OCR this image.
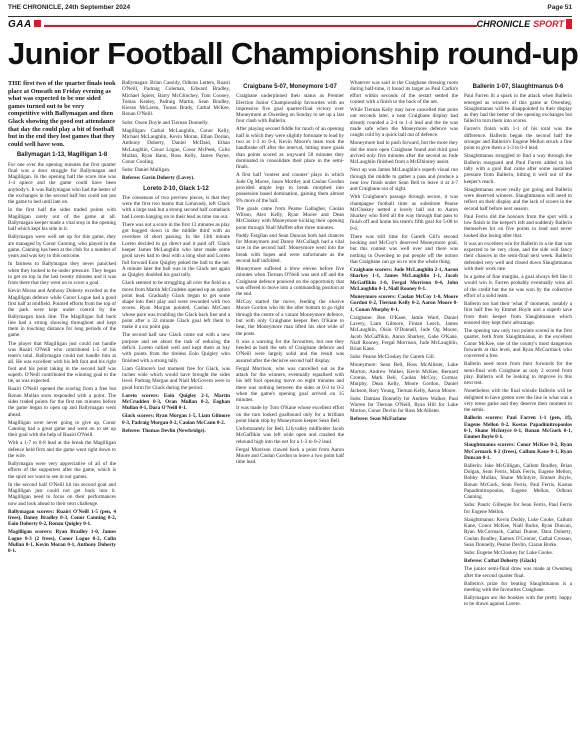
THE CHRONICLE, 24th September 2024	Page 51
GAA	CHRONICLE SPORT
Junior Football Championship round-up

THE first two of the quarter finals took place at Omeath on Friday evening as what was expected to be one sided games turned out to be very competitive with Ballymagan and then Glack showing the good out attendance that day the could play a bit of football but in the end they lost games that they could well have won.

Ballymagan 1-13, Magilligan 1-8

For one over the opening minutes the first quarter final was a dour struggle for Ballymagan and Magilligan. In the opening half the score line was 1-4 apiece and the game could have been anybody's. It was Ballymagan who had the better of the exchanges in the second half but could not put the game to bed until late on.

In the first half the sides traded points with Magilligan rarely out of the game at all. Ballymagan keeper made a vital stop in the opening half which kept his side in it.

Ballymagan were well set up for this game, they are managed by Conor Canning, who played in the game. Canning has been at the club for a number of years and was key to this outcome.

In fairness to Ballymagan they never panicked when they looked to be under pressure. They began to get on top in the last twenty minutes and it was from there that they went on to score a goal.

Kevin Moran and Anthony Doherty excelled as the Magilligan defence while Conor Logue had a good first half at midfield. Pointed efforts from the top of the park were kept under control by the Ballymagan back line. The Magilligan full back line had a strong showing throughout and kept them in touching distance for long periods of the game.

The player that Magilligan just could not handle was Ruairi O'Neill who contributed 1-5 of his team's total. Ballymagan could not handle him at all. He was excellent with his left foot and his right foot and his point taking in the second half was superb. O'Neill contributed the winning goal to the tie, as was expected.

Ruairi O'Neill opened the scoring from a free but Ronan Mullan soon responded with a point. The sides traded points for the first ten minutes before the game began to open up and Ballymagan went ahead.

Magilligan were never going to give up, Conor Canning had a great game and went on to set up their goal with the help of Ruairi O'Neill.

With a 1-7 to 0-8 lead at the break the Magilligan defence held firm and the game went right down to the wire.

Ballymagan were very appreciative of all of the efforts of the supporters after the game, which is the spirit we want to see in our games.

In the second half O'Neill hit his second goal and Magilligan just could not get back into it. Magilligan need to focus on their performances now and look ahead to their next challenge.

Ballymagan scorers: Ruairi O'Neill 1-5 (pen, 4 frees), Danny Bradley 0-3, Conor Canning 0-2, Eoin Doherty 0-2, Ronan Quigley 0-1.

Magilligan scorers: Ryan Bradley 1-0, James Logue 0-3 (2 frees), Conor Logue 0-2, Colin Mullan 0-1, Kevin Moran 0-1, Anthony Doherty 0-1.

Ballymagan: Brian Cassidy, Odhran Letters, Ruairi O'Neill, Padraig Coleman, Edward Bradley, Michael Spiers, Barry McGlinchey, Tom Cooney, Tomas Kealey, Padraig Martin, Sean Bradley, Kieran McLaren, Tomas Brady, Cathal McKee, Ronan O'Neill.

Subs: Owen Doyle and Tiernan Donnelly.

Magilligan: Cathal McLaughlin, Conor Kelly, Michael McLaughlin, Kevin Moran, Ethan Dorian, Anthony Doherty, Daniel McDaid, Ethan McLaughlin, Conor Logue, Conor McPeek, Colin Mullan, Ryan Bann, Ross Kelly, James Payne, Conor Cooling.

Subs: Daniel Mulligan.

Referee: Gavin Doherty (Lavey).

Loreto 2-10, Glack 1-12

The consensus of two preview pieces, is that they were the first two teams that Limavady, left Glack with a large task but a strong second half comeback had Loreto hanging on to their lead as time ran out.

There was not a score in the first 13 minutes as play got bogged down in the middle third with an overdose of short passing. In the 13th minute Loreto decided to go direct and it paid off. Glack keeper James McLaughlin who later made some good saves had to deal with a long shot and Loreto full forward Eoin Quigley poked the ball to the net. A minute later the ball was in the Glack net again as Quigley doubled his goal tally.

Glack seemed to be struggling all over the field as a move from Martin McCrudden opened up an option point lead. Gradually Glack began to get some shape into their play and were rewarded with two scores. Ryan Morgan pointed, Caolan McCann whose pace was troubling the Glack back line and a point after a 32 minute Glack goal left them to make it a six point gap.

The second half saw Glack come out with a new purpose and set about the task of reducing the deficit. Loreto rallied well and kept them at bay with points from the tireless Eoin Quigley who finished with a strong tally.

Liam Gilmore's last moment free for Glack, was inches wide which would have brought the sides level. Padraig Morgan and Niall McGovern were in good form for Glack during the period.

Loreto scorers: Eoin Quigley 2-1, Martin McCrudden 0-3, Oran Mullan 0-2, Eoghan Mullan 0-1, Dara O'Neill 0-1.

Glack scorers: Ryan Morgan 1-5, Liam Gilmore 0-3, Padraig Morgan 0-2, Caolan McCann 0-2.

Referee: Thomas Devlin (Newbridge).

Craigbane 5-07, Moneymore 1-07

Craigbane underpinned their status as Premier Election Junior Championship favourites with an impressive five goal quarter-final victory over Moneymore at Owenbeg on Sunday to set up a last four clash with Ballerin.

After playing second fiddle for much of an opening half in which they were slightly fortunate to lead by two at 1-3 to 0-4, Kevin Moore's team took the handbrake off after the interval, hitting more goals than points scored as wayward 58 minutes they dominated to consolidate their place in the semi-finals.

A first half 'contest and counter' plays in which Jude Og Moore, Jason Mortley and Caolan Gordon provided ample legs to break morphed into possession based domination, gaining them almost 9% more of the ball.

The goals came from Pearse Gallagher, Caolan Wilson, Alex Kelly, Ryan Moore and Dean McCloskey with Moneymore kicking their opening point through Niall Moffett after three minutes.

Paddy Fargilan and Sean Duncan both had chances for Moneymore and Danny McCullagh had a vital save in the second half. Moneymore went into the break with hopes and were unfortunate as the second half unfolded.

Moneymore suffered a blow eleven before five minutes when Tiernan O'Neill was sent off and the Craigbane defence pounced on the opportunity that was offered to move into a commanding position at the end.

McCoy started the move, feeding the elusive Moore Gordon who hit the after bottom to go right through the centre of a vacant Moneymore defence, but with only Craigbane keeper Ben O'Kane to beat, the Moneymore man lifted his shot wide of the posts.

It was a warning for the favourites, but one they heeded as both the sets of Craigbane defence and O'Neill were largely solid and the result was assured after the decisive second half display.

Fergal Morrison, who was cancelled out as the attack for the winners, eventually equalised with his left foot opening move on eight minutes and there was nothing between the sides at 0-3 to 0-2 when the game's opening goal arrived on 15 minutes.

It was made by Tom O'Kane whose excellent effort on the turn looked goalbound only for a brilliant point blank stop by Moneymore keeper Sean Bell.

Unfortunately for Bell, Lilyvalley midfielder Jacob McGaffikin was left wide open and crashed the rebound high into the net for a 1-3 to 0-2 lead.

Fergal Morrison clawed back a point from Aaron Moore and Caolan Gordon to leave a two point half time lead.

Whatever was said in the Craigbane dressing room during half-time, it found its target as Paul Carlin's effort within seconds of the restart settled the contest with a finish to the back of the net.

While Tiernan Kelly may have cancelled that point out seconds later, a neat Craigbane display had already rounded a 2-4 to 1-4 lead and the tie was made safe when the Moneymore defence was caught cold by a quick ball out of defence.

Moneymore had to push forward, but the more they did the more open Craigbane found and third goal arrived only five minutes after the second as Jude McLaughlin finished from a McElhinney assist.

Next up was James McLaughlin's superb visual run through the middle to gather a pass and produce a near low finish under Sean Bell to leave it at 4-7 and Craigbane out of sight.

With Craigbane's passage through secure, it was champagne football time as substitute Pearse McCloskey netted a lovely ball out to Aaron Sharkey who fired all the way through that pass to finish off and home his team's fifth goal for 5-08 to 0-6.

There was still time for Gareth Gill's second booking and McCoy's deserved Moneymore goal, but this contest was well over and there was nothing in Owenbeg to put people off the notion that Craigbane can go on to win the whole thing.

Craigbane scorers: Jude McLaughlin 2-1, Aaron Sharkey 1-1, James McLaughlin 1-1, Jacob McGaffikin 1-0, Fergal Morrison 0-4, John McLaughlin 0-1, Niall Rooney 0-1.

Moneymore scorers: Caolan McCoy 1-0, Moore Gordon 0-2, Tiernan Kelly 0-2, Aaron Moore 0-1, Conan Murphy 0-1.

Craigbane: Ben O'Kane, Jamie Ward, Daniel Lavery, Liam Gilmore, Fintan Leech, James McLaughlin, Oisin O'Donnell, Jude Og Moore, Jacob McGaffikin, Aaron Sharkey, Gabe O'Kane, Niall Rooney, Fergal Morrison, Jude McLaughlin, Brian Kane.

Subs: Pearse McCloskey for Gareth Gill.

Moneymore: Sean Bell, Ross McAllister, Luke Morton, Andrew Walker, Kevin McKee, Bernard Cromie, Mark Bell, Caolan McCoy, Cormac Murphy, Dean Kelly, Moore Gordon, Daniel Jackson, Rory Young, Tiernan Kelly, Aaron Moore.

Subs: Damian Donnelly for Andrew Walker, Paul Warren for Tiernan O'Neill, Ryan Hill for Luke Morton, Conor Devlin for Ross McAllister.

Referee: Sean McFarlane

Ballerin 1-07, Slaughtmanus 0-6

Paul Farren lit a spark in the attack when Ballerin emerged as winners of this game at Owenbeg. Slaughtmanus will be disappointed in their display as they had the better of the opening exchanges but failed to turn them into scores.

Farren's finish with 1-1 of his total was the difference. Ballerin began the second half the stronger and Ballerin's Eugene Mellon struck a fine point to give them a 1-3 to 0-4 lead.

Slaughtmanus struggled to find a way through the Ballerin rearguard and Paul Farren added to his tally with a goal that came after some sustained pressure from Ballerin, hitting it well out of the keeper's reach.

Slaughtmanus never really got going and Ballerin were deserved winners. Slaughtmanus will need to reflect on their display and the lack of scores in the second half before next season.

Paul Ferris did the honours from the spot with a low finish to the keeper's left and suddenly Ballerin themselves hit on five points to lead and never looked like losing after that.

It was an excellent win for Ballerin in a tie that was expected to be very close, and the side will fancy their chances in the semi-final next week. Ballerin defended very well and closed down Slaughtmanus with their work rate.

In a game of fine margins, a goal always felt like it would win it. Farren probably eventually wins all of the credit but the tie was won by the collective effort of a solid team.

Ballerin too had their 'what if' moments, notably a first half free by Emmet Boyle and a superb save from their keeper from Slaughtmanus which ensured they kept their advantage.

The opening saw only two points scored in the first quarter, both from Slaughtmanus, in the excellent Conor McKee, one of the county's most dangerous forwards at this level, and Ryan McCormack who converted a free.

Ballerin need more from their forwards for the semi-final with Craigbane as only 2 scored from play. Ballerin will be looking to improve in this next test.

Nonetheless with the final whistle Ballerin will be delighted to have gotten over the line in what was a very tense game and they deserve their moment in the semis.

Ballerin scorers: Paul Farren 1-1 (pen, 1f), Eugene Mellon 0-2, Kostas Papadimitropoulos 0-1, Shane McIntyre 0-1, Ronan McGurk 0-1, Emmet Boyle 0-1.

Slaughtmanus scorers: Conor McKee 0-2, Ryan McCormack 0-2 (frees), Callum Kane 0-1, Ryan Duncan 0-1.

Ballerin: Jake McGilligan, Callum Bradley, Brian Dolgan, Sean Ferris, Mark Ferris, Eugene Mellon, Bobby Mullan, Shane McIntyre, Emmet Boyle, Ronan McGurk, Sean Ferris, Paul Ferris, Kostas Papadimitropoulos, Eugene Mellon, Odhran Canning.

Subs: Pauric Gillespie for Sean Ferris, Paul Ferris for Eugene Mellon.

Slaughtmanus: Kevin Doddy, Luke Cooke, Callum Kane, Conor McKee, Niall Burke, Ryan Duncan, Ryan McCormack, Cathal Dunne, Dara Doherty, Caolan Bradley, Eamon O'Connor, Cathal Crossan, Sean Donnelly, Pearse Devlin, Ciaran Burke.

Subs: Eugene McCloskey for Luke Cooke.

Referee: Cathal Doherty (Glack)

The junior semi-final draw was made at Owenbeg after the second quarter final.

Ballerin's prize for beating Slaughtmanus is a meeting with the favourites Craigbane.

Ballymagan are the bookies with the pretty happy to be drawn against Loreto.
